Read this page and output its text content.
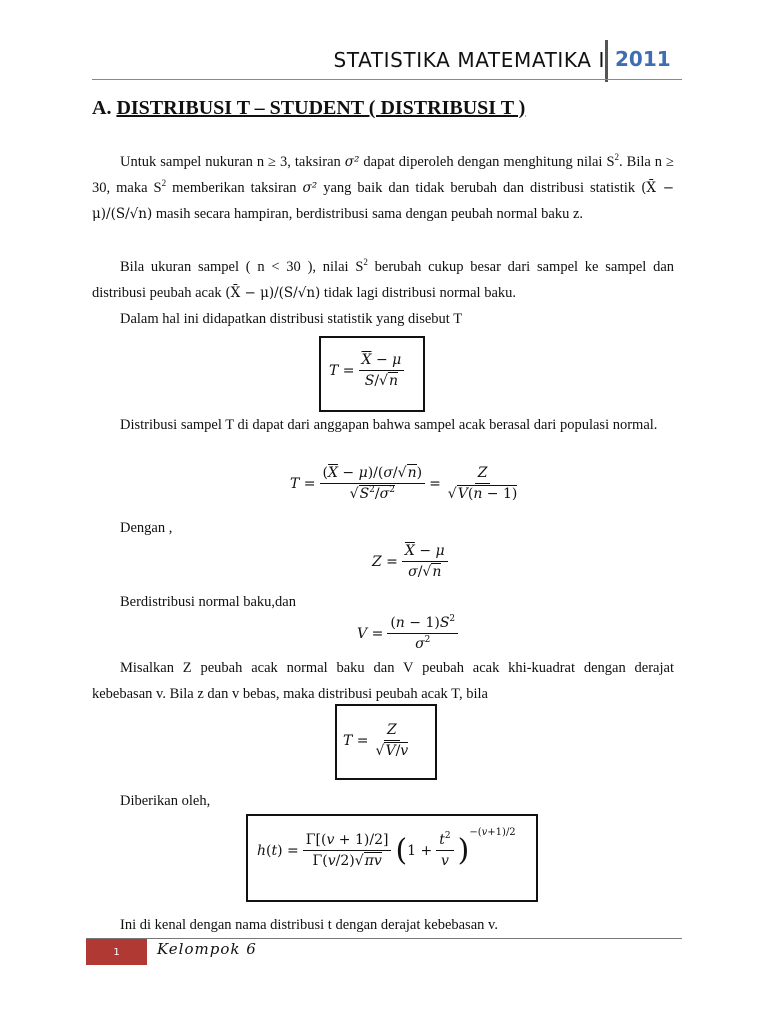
STATISTIKA MATEMATIKA I 2011
A. DISTRIBUSI T – STUDENT ( DISTRIBUSI T )
Untuk sampel nukuran n ≥ 3, taksiran σ² dapat diperoleh dengan menghitung nilai $S^2$. Bila n ≥ 30, maka $S^2$ memberikan taksiran σ² yang baik dan tidak berubah dan distribusi statistik (X̄ − μ)/(S/√n) masih secara hampiran, berdistribusi sama dengan peubah normal baku z.
Bila ukuran sampel ( n < 30 ), nilai $S^2$ berubah cukup besar dari sampel ke sampel dan distribusi peubah acak (X̄ − μ)/(S/√n) tidak lagi distribusi normal baku.
Dalam hal ini didapatkan distribusi statistik yang disebut T
$T = \frac{\overline{X} - \mu}{S/√n}$
Distribusi sampel T di dapat dari anggapan bahwa sampel acak berasal dari populasi normal.
$T = \frac{(\overline{X} - \mu)/(\sigma/√n)}{√S^2/\sigma^2} = \frac{Z}{√V(n - 1)}$
Dengan ,
$Z = \frac{\overline{X} - \mu}{\sigma/√n}$
Berdistribusi normal baku,dan
$V = \frac{(n - 1)S^2}{\sigma^2}$
Misalkan Z peubah acak normal baku dan V peubah acak khi-kuadrat dengan derajat kebebasan v. Bila z dan v bebas, maka distribusi peubah acak T, bila
$T = \frac{Z}{√V/v}$
Diberikan oleh,
h ( t ) = $\frac{\Gamma[(v + 1)/2]}{\Gamma(v/2)√\pi v}$ ( $1 + \frac{t^2}{v}$ ) −(v+1)/2
Ini di kenal dengan nama distribusi t dengan derajat kebebasan v.
1	Kelompok 6
